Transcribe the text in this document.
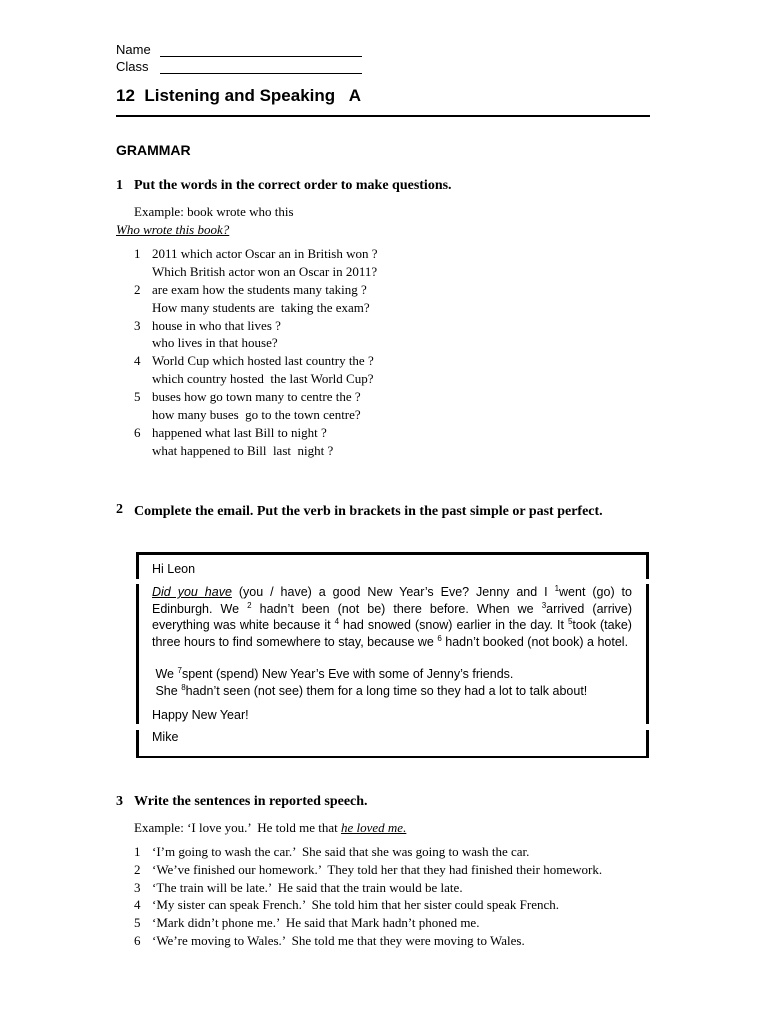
Name
Class
12  Listening and Speaking   A
GRAMMAR
1 Put the words in the correct order to make questions.
Example: book wrote who this
Who wrote this book?
1 2011 which actor Oscar an in British won ?
Which British actor won an Oscar in 2011?
2 are exam how the students many taking ?
How many students are  taking the exam?
3 house in who that lives ?
who lives in that house?
4 World Cup which hosted last country the ?
which country hosted  the last World Cup?
5 buses how go town many to centre the ?
how many buses  go to the town centre?
6 happened what last Bill to night ?
what happened to Bill  last  night ?
2 Complete the email. Put the verb in brackets in the past simple or past perfect.
Hi Leon
Did you have (you / have) a good New Year’s Eve? Jenny and I $^1$went (go) to Edinburgh. We $^2$ hadn’t been (not be) there before. When we $^3$arrived (arrive) everything was white because it $^4$ had snowed (snow) earlier in the day. It $^5$took (take) three hours to find somewhere to stay, because we $^6$ hadn’t booked (not book) a hotel.
We $^7$spent (spend) New Year’s Eve with some of Jenny’s friends.
She $^8$hadn’t seen (not see) them for a long time so they had a lot to talk about!
Happy New Year!
Mike
3 Write the sentences in reported speech.
Example: ‘I love you.’  He told me that he loved me.
1 ‘I’m going to wash the car.’  She said that she was going to wash the car.
2 ‘We’ve finished our homework.’  They told her that they had finished their homework.
3 ‘The train will be late.’  He said that the train would be late.
4 ‘My sister can speak French.’  She told him that her sister could speak French.
5 ‘Mark didn’t phone me.’  He said that Mark hadn’t phoned me.
6 ‘We’re moving to Wales.’  She told me that they were moving to Wales.
